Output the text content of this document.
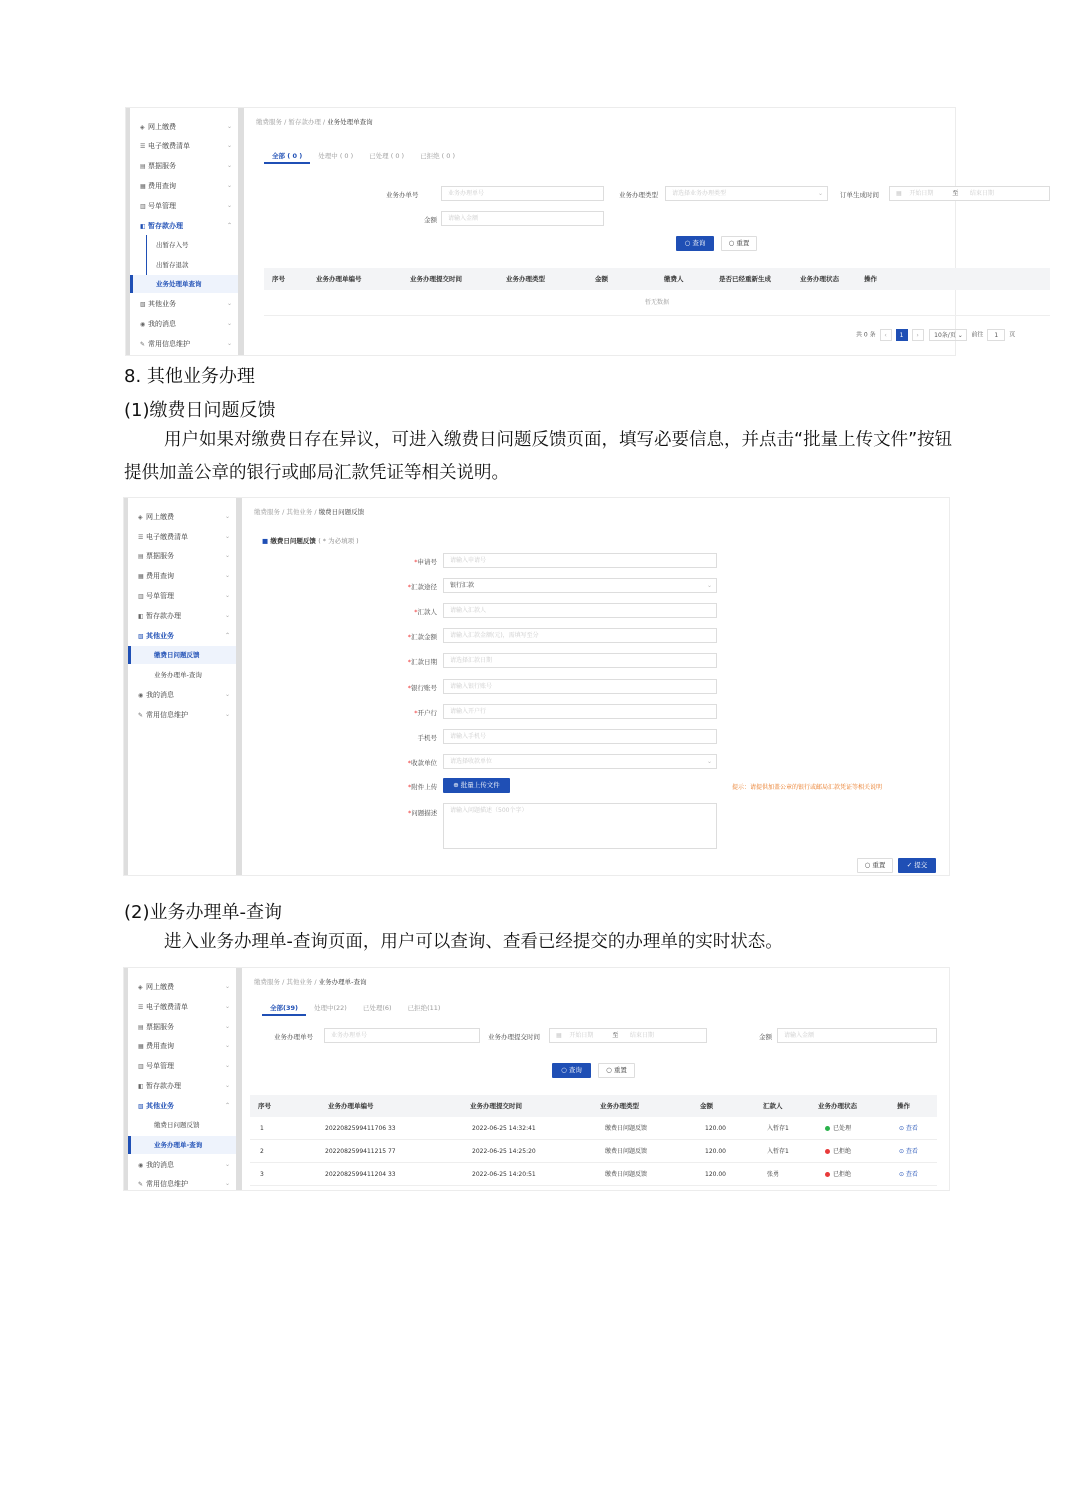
◈ 网上缴费	⌄
☰ 电子缴费清单	⌄
▤ 票据服务	⌄
▦ 费用查询	⌄
▥ 号单管理	⌄
◧ 暂存款办理	⌃
出暂存入号
出暂存退款
业务处理单查询
▧ 其他业务	⌄
◉ 我的消息	⌄
✎ 常用信息维护	⌄
缴费服务 / 暂存款办理 / 业务处理单查询
全部 ( 0 ) 处理中 ( 0 ) 已处理 ( 0 ) 已拒绝 ( 0 )
业务办单号	业务办理单号	业务办理类型	请选择业务办理类型	⌄	订单生成时间	▦ 开始日期	至 结束日期
金额	请输入金额
○ 查询	○ 重置
序号	业务办理单编号	业务办理提交时间	业务办理类型	金额	缴费人	是否已经重新生成	业务办理状态	操作
暂无数据
共 0 条 ‹ 1 ›	10条/页 ⌄ 前往 1 页
8. 其他业务办理
(1)缴费日问题反馈
用户如果对缴费日存在异议，可进入缴费日问题反馈页面，填写必要信息，并点击“批量上传文件”按钮提供加盖公章的银行或邮局汇款凭证等相关说明。
◈ 网上缴费	⌄
☰ 电子缴费清单	⌄
▤ 票据服务	⌄
▦ 费用查询	⌄
▥ 号单管理	⌄
◧ 暂存款办理	⌄
▧ 其他业务	⌃
缴费日问题反馈
业务办理单-查询
◉ 我的消息	⌄
✎ 常用信息维护	⌄
缴费服务 / 其他业务 / 缴费日问题反馈
■ 缴费日问题反馈 ( * 为必填项 )
*申请号	请输入申请号
*汇款途径	银行汇款	⌄
*汇款人	请输入汇款人
*汇款金额	请输入汇款金额(元)，需填写至分
*汇款日期	请选择汇款日期
*银行账号	请输入银行账号
*开户行	请输入开户行
手机号	请输入手机号
*收款单位	请选择收款单位	⌄
*附件上传	⊕ 批量上传文件	提示：请提供加盖公章的银行或邮局汇款凭证等相关说明
*问题描述	请输入问题描述（500个字）
○ 重置	✓ 提交
(2)业务办理单-查询
进入业务办理单-查询页面，用户可以查询、查看已经提交的办理单的实时状态。
◈ 网上缴费	⌄
☰ 电子缴费清单	⌄
▤ 票据服务	⌄
▦ 费用查询	⌄
▥ 号单管理	⌄
◧ 暂存款办理	⌄
▧ 其他业务	⌃
缴费日问题反馈
业务办理单-查询
◉ 我的消息	⌄
✎ 常用信息维护	⌄
缴费服务 / 其他业务 / 业务办理单-查询
全部(39) 处理中(22) 已处理(6) 已拒绝(11)
业务办理单号	业务办理单号	业务办理提交时间	▦ 开始日期	至 结束日期	金额	请输入金额
○ 查询	○ 重置
序号	业务办理单编号	业务办理提交时间	业务办理类型	金额	汇款人	业务办理状态	操作
1	2022082599411706 33	2022-06-25 14:32:41	缴费日问题反馈	120.00	入暂存1	已处理	⊙ 查看
2	2022082599411215 77	2022-06-25 14:25:20	缴费日问题反馈	120.00	入暂存1	已拒绝	⊙ 查看
3	2022082599411204 33	2022-06-25 14:20:51	缴费日问题反馈	120.00	张勇	已拒绝	⊙ 查看
